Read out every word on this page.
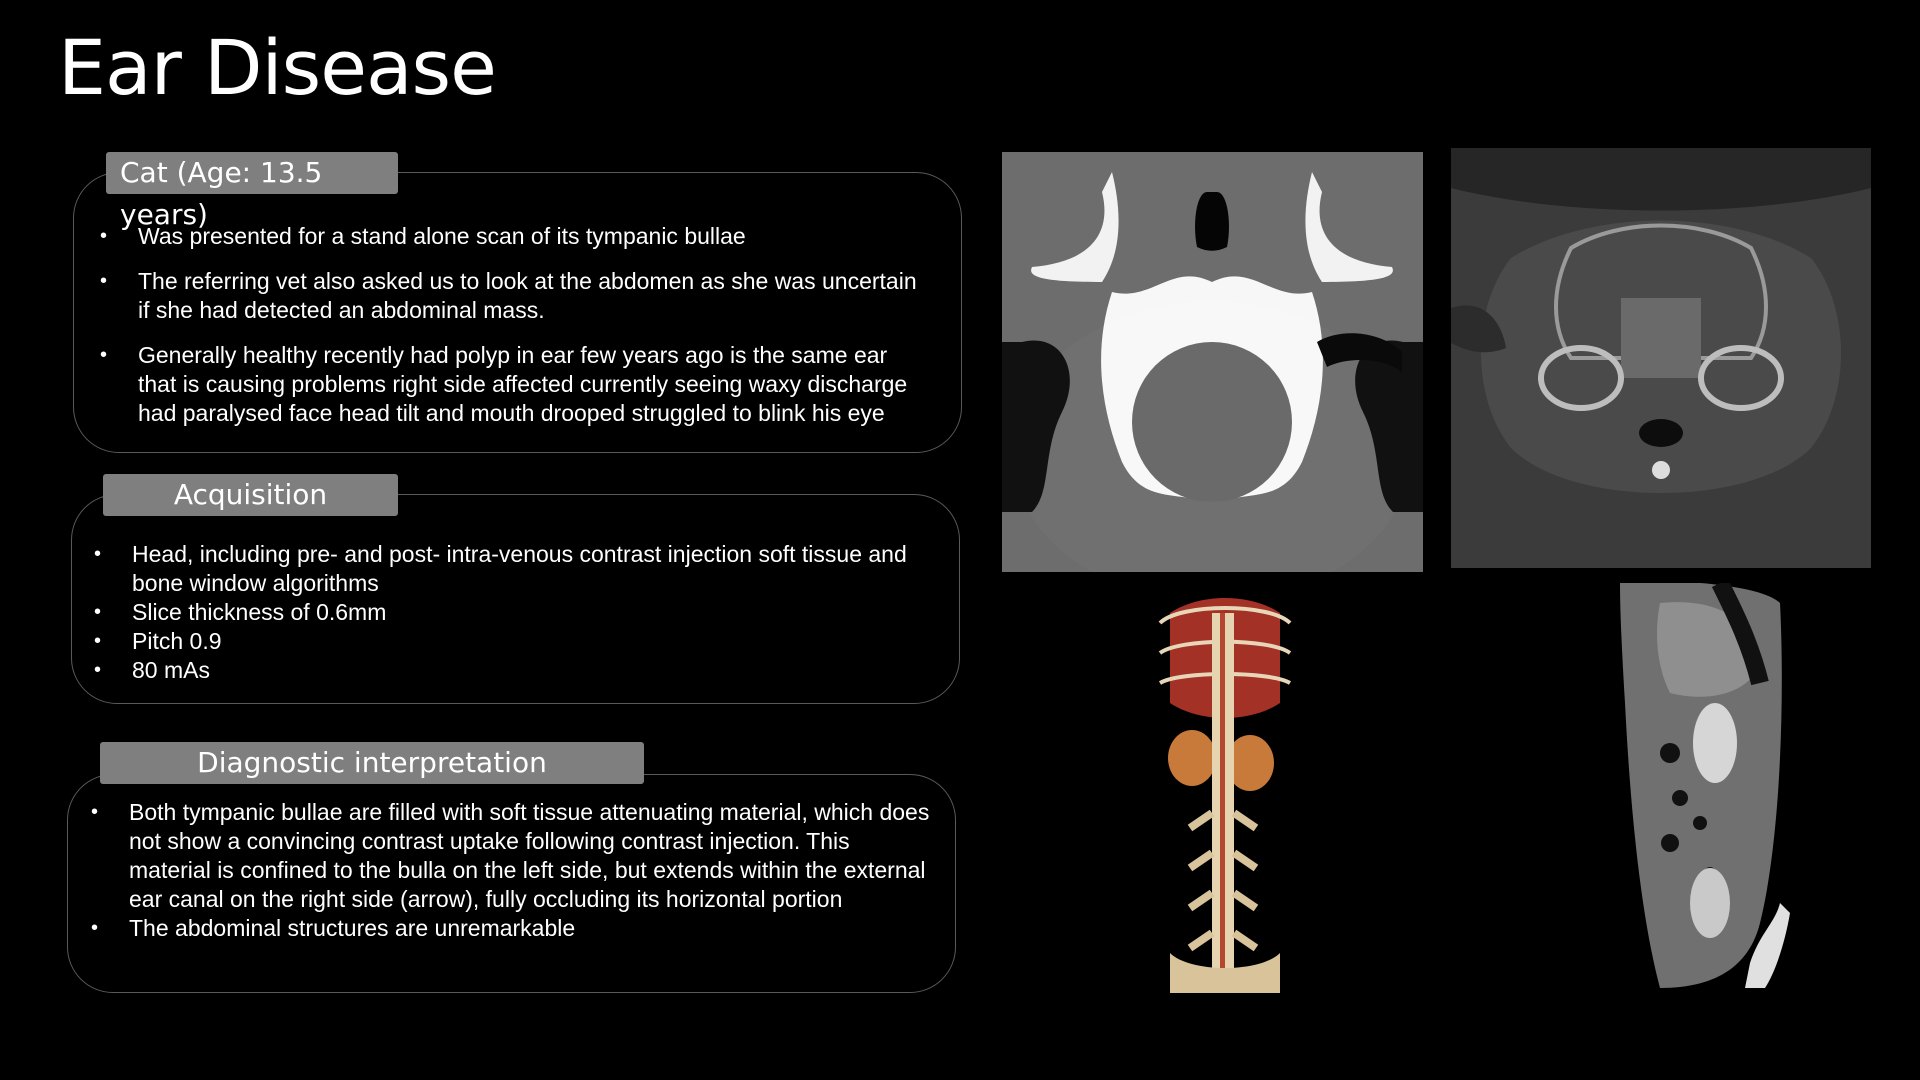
Ear Disease
Cat (Age: 13.5 years)
• Was presented for a stand alone scan of its tympanic bullae
• The referring vet also asked us to look at the abdomen as she was uncertain if she had detected an abdominal mass.
• Generally healthy recently had polyp in ear few years ago is the same ear that is causing problems right side affected currently seeing waxy discharge had paralysed face head tilt and mouth drooped struggled to blink his eye
Acquisition
• Head, including pre- and post- intra-venous contrast injection soft tissue and bone window algorithms
• Slice thickness of 0.6mm
• Pitch 0.9
• 80 mAs
Diagnostic interpretation
• Both tympanic bullae are filled with soft tissue attenuating material, which does not show a convincing contrast uptake following contrast injection. This material is confined to the bulla on the left side, but extends within the external ear canal on the right side (arrow), fully occluding its horizontal portion
• The abdominal structures are unremarkable
